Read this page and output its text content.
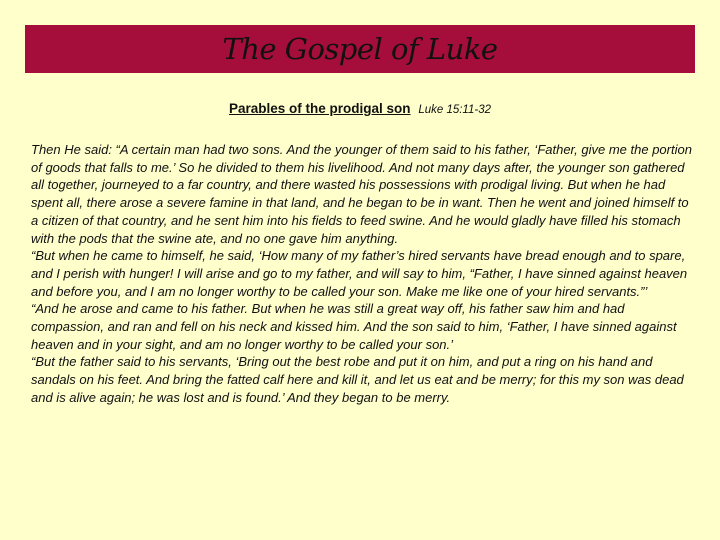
The Gospel of Luke
Parables of the prodigal son Luke 15:11-32

Then He said: “A certain man had two sons. And the younger of them said to his father, ‘Father, give me the portion of goods that falls to me.’ So he divided to them his livelihood. And not many days after, the younger son gathered all together, journeyed to a far country, and there wasted his possessions with prodigal living. But when he had spent all, there arose a severe famine in that land, and he began to be in want. Then he went and joined himself to a citizen of that country, and he sent him into his fields to feed swine. And he would gladly have filled his stomach with the pods that the swine ate, and no one gave him anything.

“But when he came to himself, he said, ‘How many of my father’s hired servants have bread enough and to spare, and I perish with hunger! I will arise and go to my father, and will say to him, “Father, I have sinned against heaven and before you, and I am no longer worthy to be called your son. Make me like one of your hired servants.”’

“And he arose and came to his father. But when he was still a great way off, his father saw him and had compassion, and ran and fell on his neck and kissed him. And the son said to him, ‘Father, I have sinned against heaven and in your sight, and am no longer worthy to be called your son.’

“But the father said to his servants, ‘Bring out the best robe and put it on him, and put a ring on his hand and sandals on his feet. And bring the fatted calf here and kill it, and let us eat and be merry; for this my son was dead and is alive again; he was lost and is found.’ And they began to be merry.
